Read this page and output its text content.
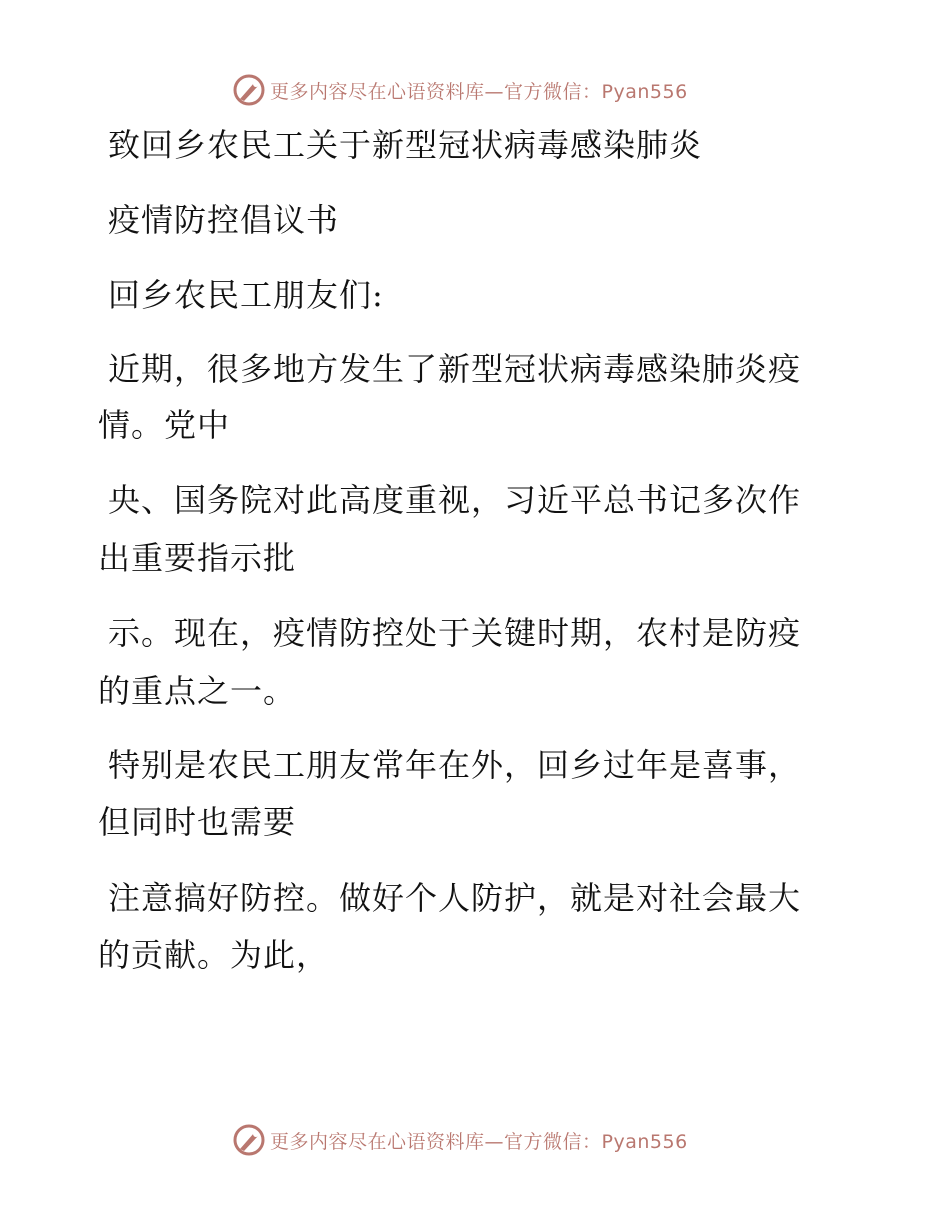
更多内容尽在心语资料库—官方微信：Pyan556
致回乡农民工关于新型冠状病毒感染肺炎
疫情防控倡议书
回乡农民工朋友们:
近期，很多地方发生了新型冠状病毒感染肺炎疫
情。党中
央、国务院对此高度重视，习近平总书记多次作
出重要指示批
示。现在，疫情防控处于关键时期，农村是防疫
的重点之一。
特别是农民工朋友常年在外，回乡过年是喜事，
但同时也需要
注意搞好防控。做好个人防护，就是对社会最大
的贡献。为此，
更多内容尽在心语资料库—官方微信：Pyan556
